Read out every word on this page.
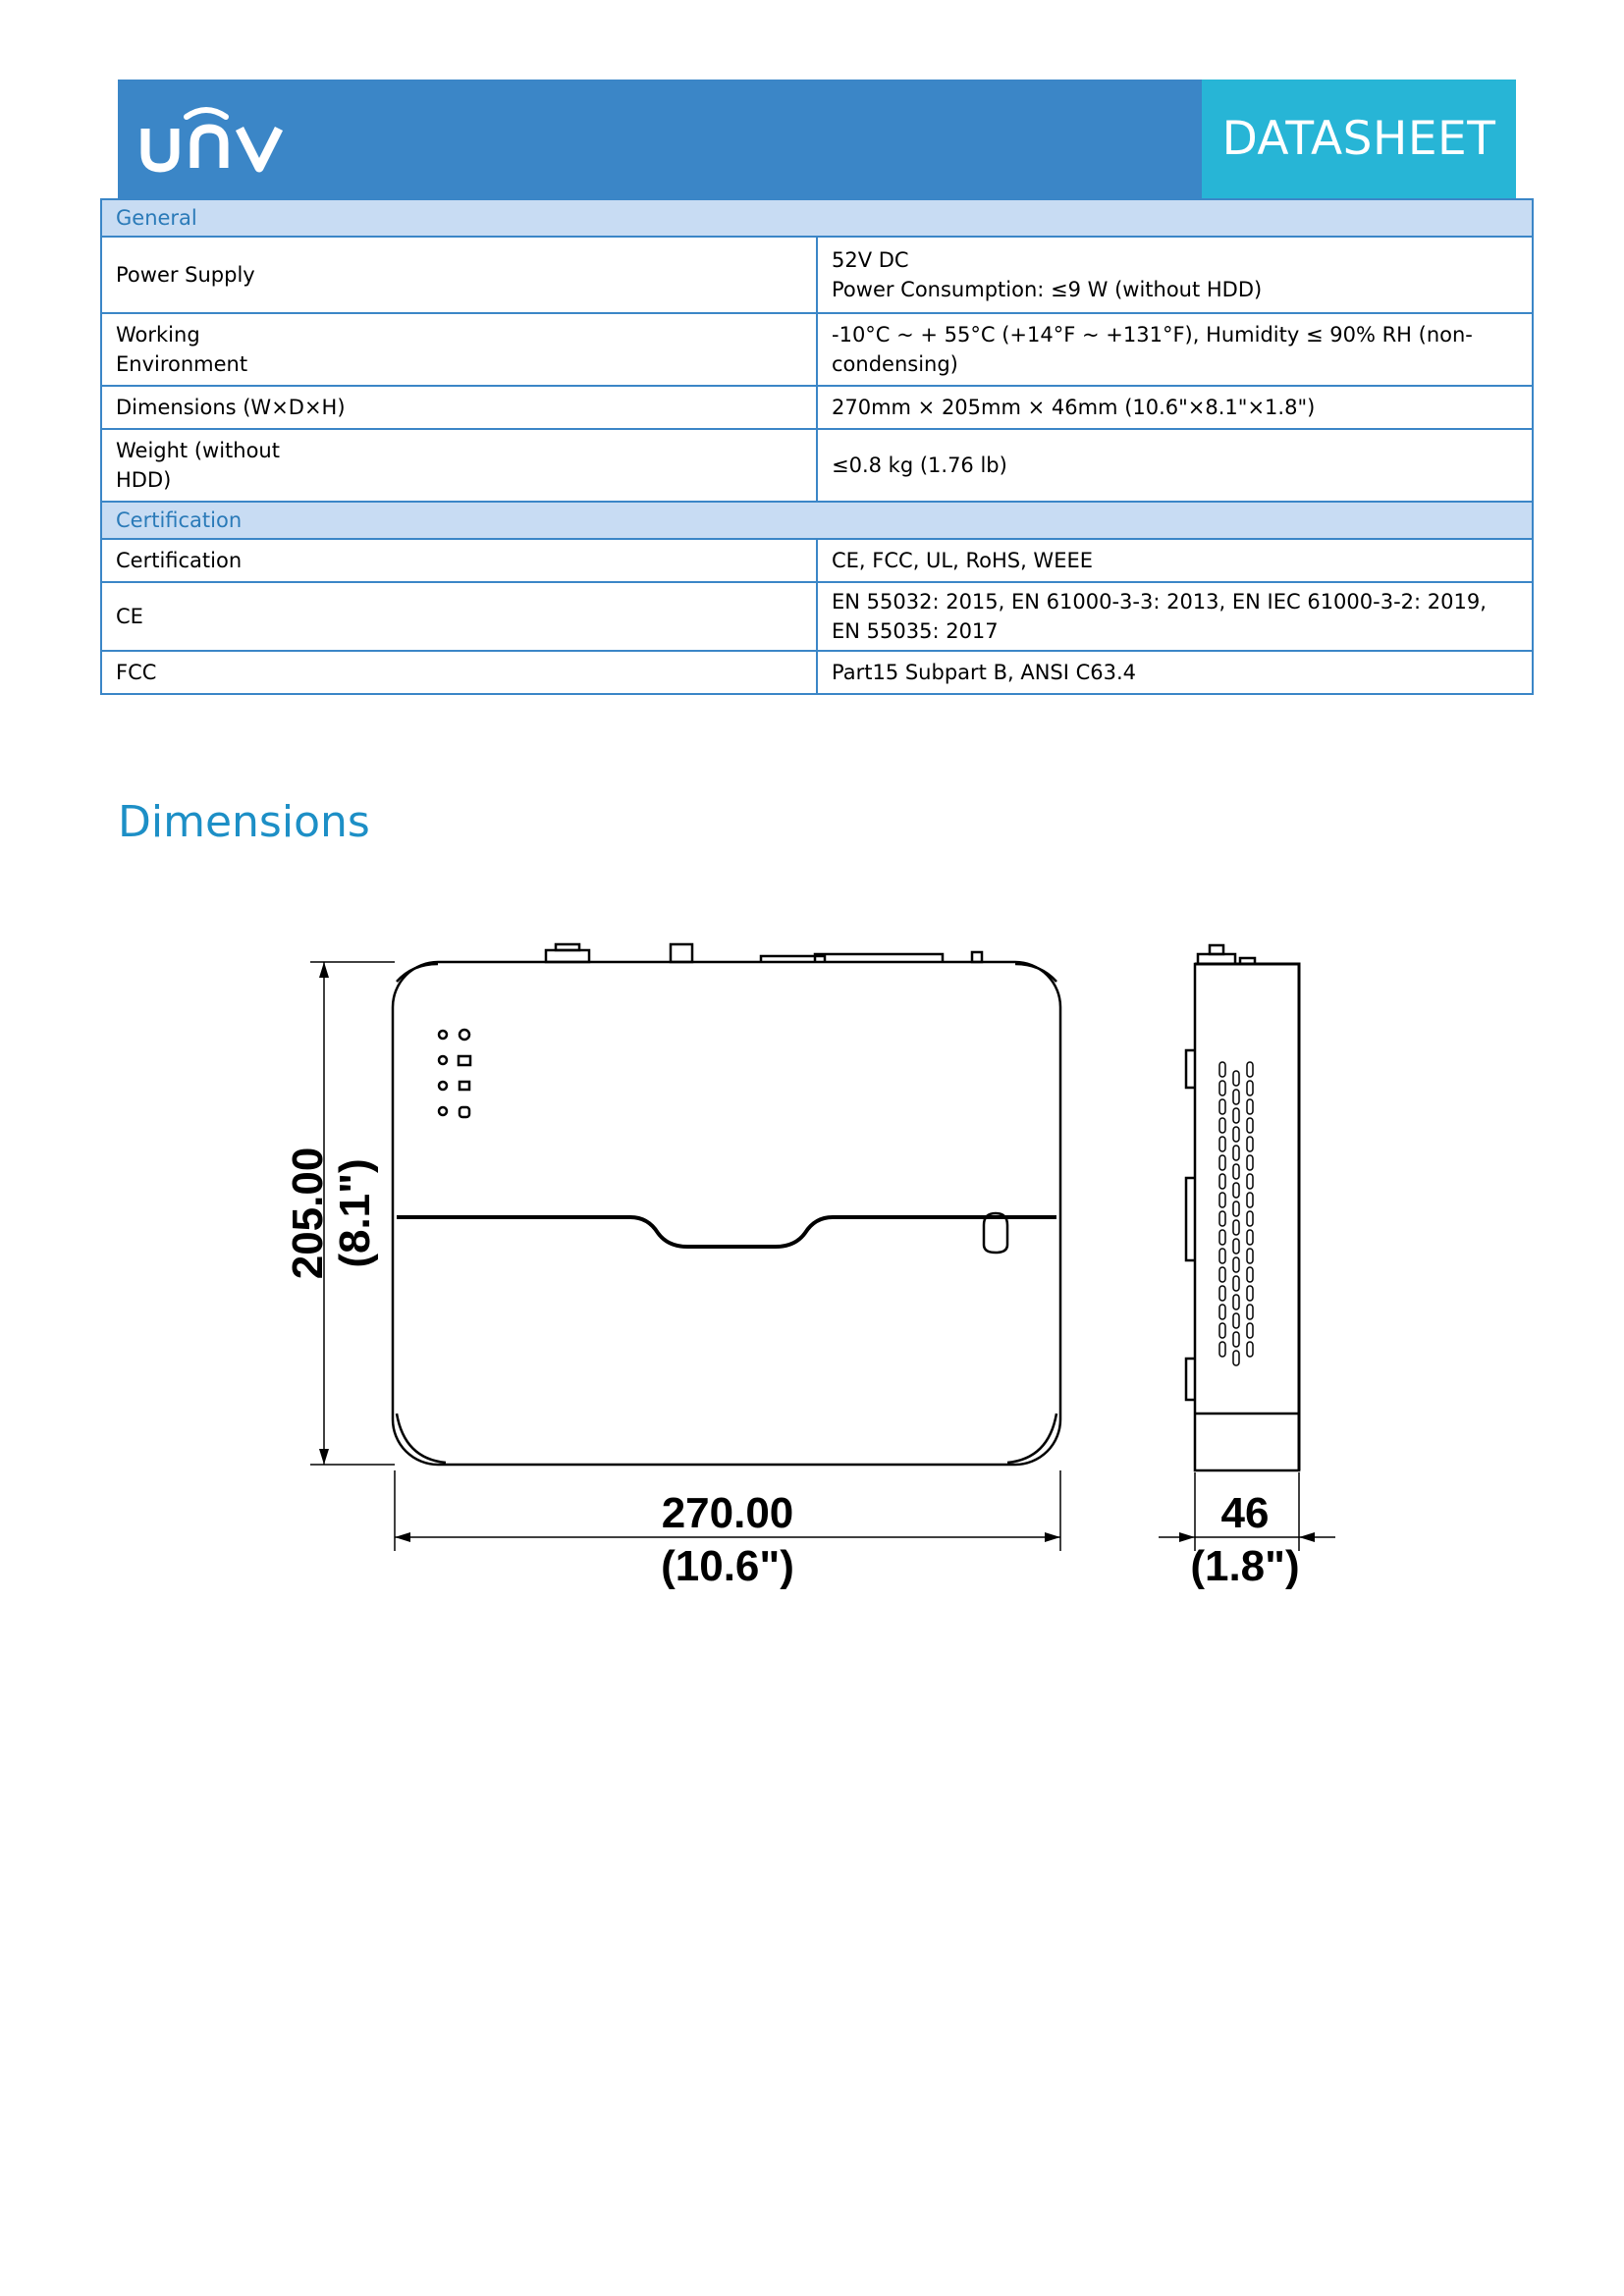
DATASHEET
General	
Power Supply	52V DC
Power Consumption: ≤9 W (without HDD)

Working
Environment	-10°C ~ + 55°C (+14°F ~ +131°F), Humidity ≤ 90% RH (non-condensing)
Dimensions (W×D×H)	270mm × 205mm × 46mm (10.6"×8.1"×1.8")

Weight (without
HDD)	≤0.8 kg (1.76 lb)
Certification	
Certification	CE, FCC, UL, RoHS, WEEE
CE	EN 55032: 2015, EN 61000-3-3: 2013, EN IEC 61000-3-2: 2019, EN 55035: 2017
FCC	Part15 Subpart B, ANSI C63.4
Dimensions
205.00 (8.1")
270.00
(10.6")
46
(1.8")
